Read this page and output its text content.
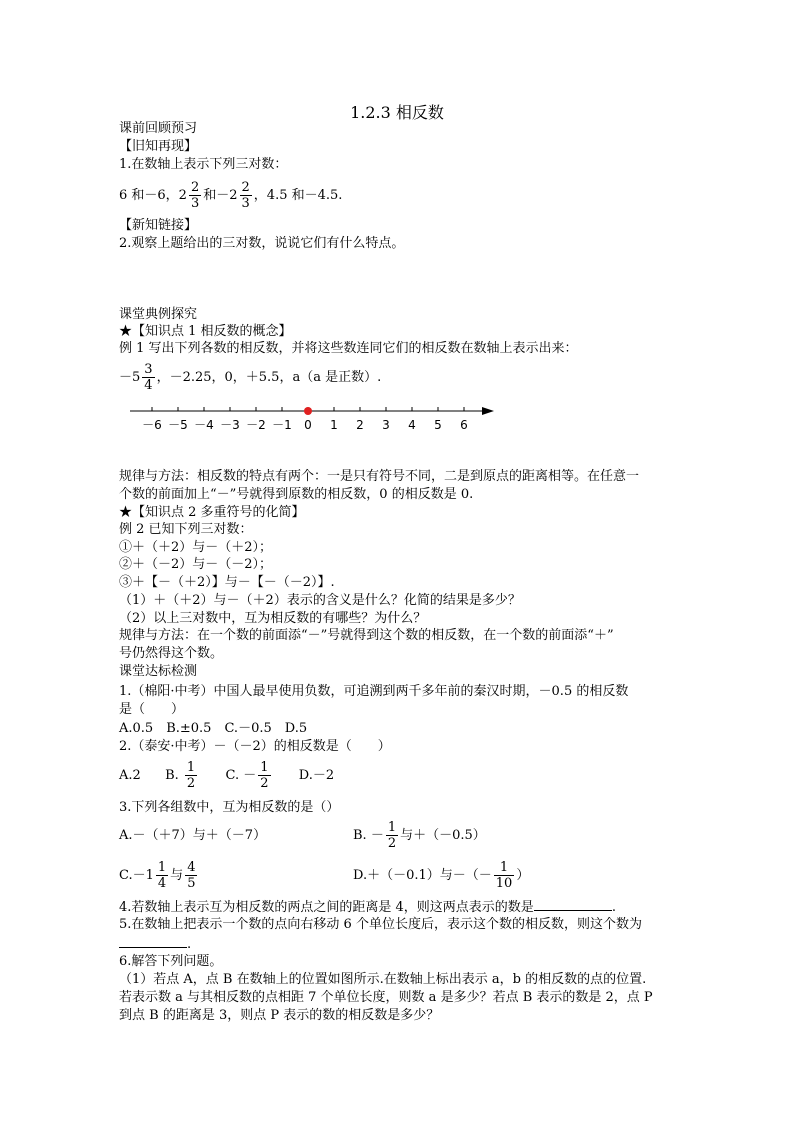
1.2.3 相反数
课前回顾预习
【旧知再现】
1.在数轴上表示下列三对数：
6 和－6，$2 \frac{2}{3}$ 和$-2 \frac{2}{3}$ ，4.5 和－4.5.
【新知链接】
2.观察上题给出的三对数，说说它们有什么特点。
课堂典例探究
★【知识点 1 相反数的概念】
例 1 写出下列各数的相反数，并将这些数连同它们的相反数在数轴上表示出来：
$-5 \frac{3}{4}$ ，－2.25，0，＋5.5，a（a 是正数）.
－6 －5 －4 －3 －2 －1 0 1 2 3 4 5 6
规律与方法：相反数的特点有两个：一是只有符号不同，二是到原点的距离相等。在任意一
个数的前面加上“－”号就得到原数的相反数，0 的相反数是 0.
★【知识点 2 多重符号的化简】
例 2 已知下列三对数：
①＋（＋2）与－（＋2）；
②＋（－2）与－（－2）；
③＋【－（＋2）】与－【－（－2）】.
（1）＋（＋2）与－（＋2）表示的含义是什么？化简的结果是多少？
（2）以上三对数中，互为相反数的有哪些？为什么？
规律与方法：在一个数的前面添“－”号就得到这个数的相反数，在一个数的前面添“＋”
号仍然得这个数。
课堂达标检测
1.（棉阳·中考）中国人最早使用负数，可追溯到两千多年前的秦汉时期，－0.5 的相反数
是（　　）
A.0.5　B.±0.5　C.－0.5　D.5
2.（泰安·中考）－（－2）的相反数是（　　）
A.2 B. $\frac{1}{2} C$. － $\frac{1}{2} D.-2$
3.下列各组数中，互为相反数的是（）
A.－（＋7）与＋（－7）	B. － $\frac{1}{2}$ 与＋（－0.5）
$C.-1 \frac{1}{4}$ 与 $\frac{4}{5}$	D.＋（－0.1）与－（－ $\frac{1}{10}$ ）
4.若数轴上表示互为相反数的两点之间的距离是 4，则这两点表示的数是	.
5.在数轴上把表示一个数的点向右移动 6 个单位长度后，表示这个数的相反数，则这个数为
.
6.解答下列问题。
（1）若点 A，点 B 在数轴上的位置如图所示.在数轴上标出表示 a，b 的相反数的点的位置.
若表示数 a 与其相反数的点相距 7 个单位长度，则数 a 是多少？若点 B 表示的数是 2，点 P
到点 B 的距离是 3，则点 P 表示的数的相反数是多少？
